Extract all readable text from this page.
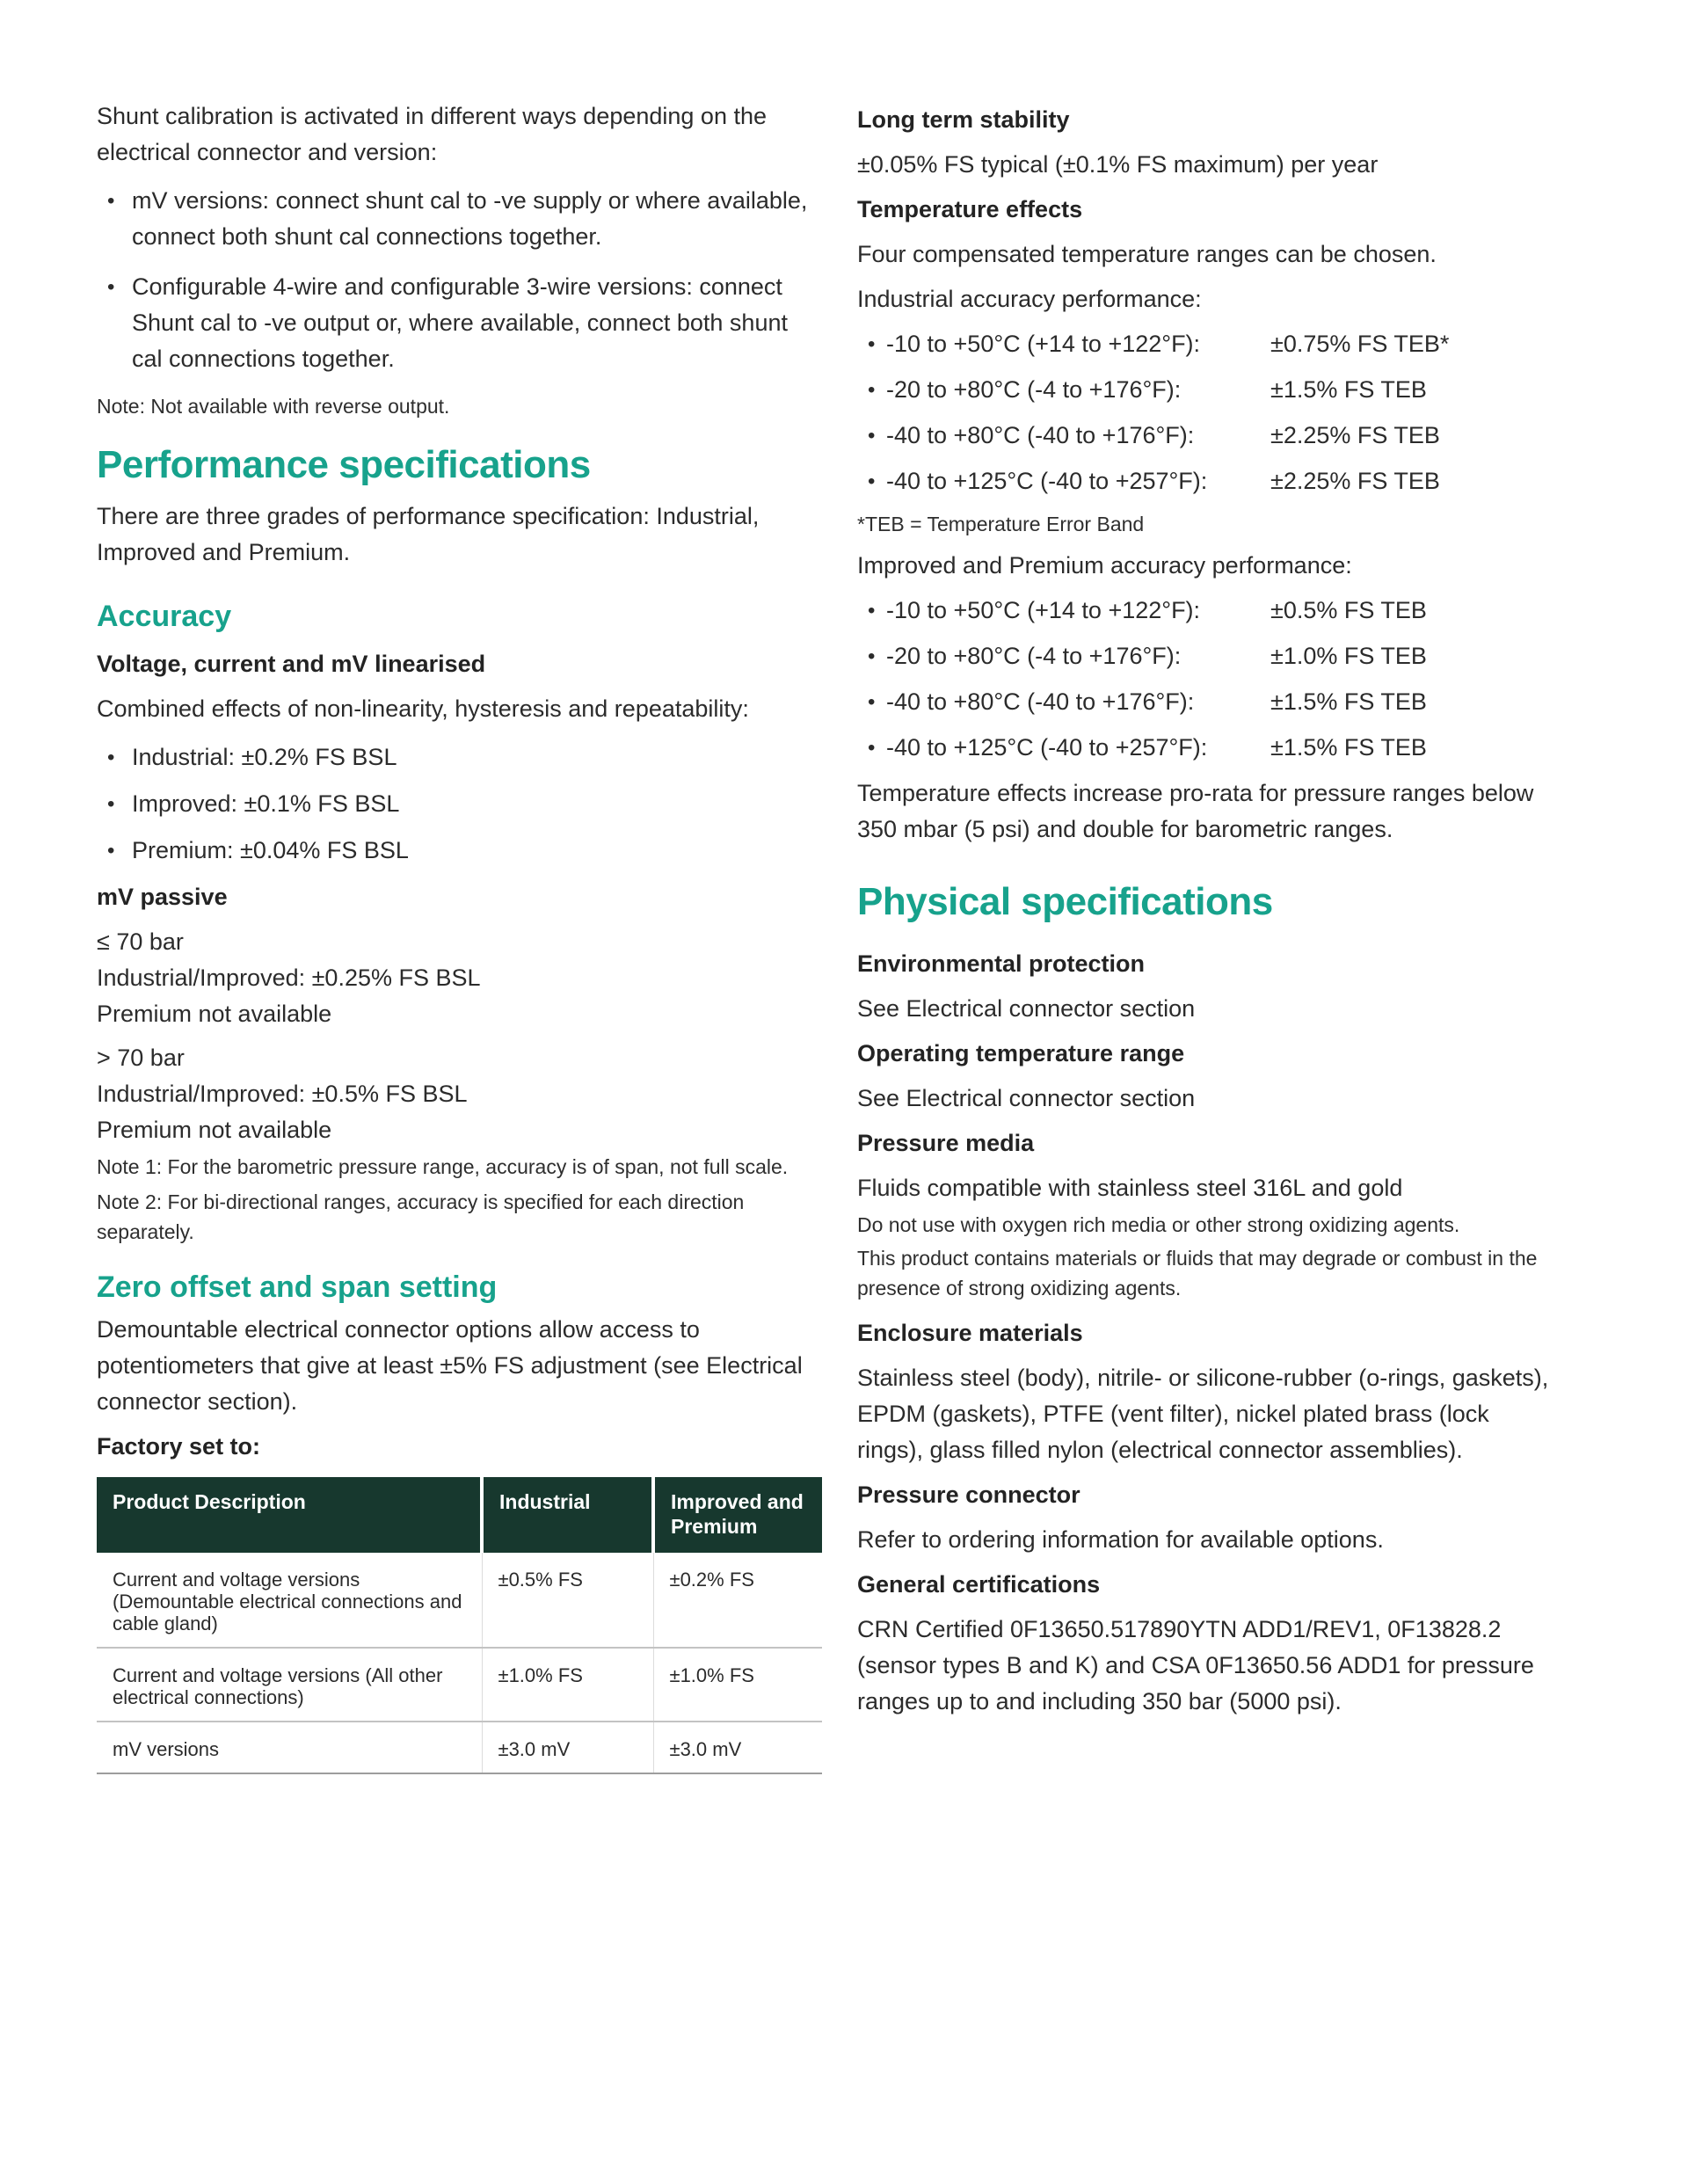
Shunt calibration is activated in different ways depending on the electrical connector and version:

• mV versions: connect shunt cal to -ve supply or where available, connect both shunt cal connections together.
• Configurable 4-wire and configurable 3-wire versions: connect Shunt cal to -ve output or, where available, connect both shunt cal connections together.

Note: Not available with reverse output.

Performance specifications

There are three grades of performance specification: Industrial, Improved and Premium.

Accuracy
Voltage, current and mV linearised

Combined effects of non-linearity, hysteresis and repeatability:

• Industrial: ±0.2% FS BSL
• Improved: ±0.1% FS BSL
• Premium: ±0.04% FS BSL
mV passive

≤ 70 bar
Industrial/Improved: ±0.25% FS BSL
Premium not available

> 70 bar
Industrial/Improved: ±0.5% FS BSL
Premium not available

Note 1: For the barometric pressure range, accuracy is of span, not full scale.

Note 2: For bi-directional ranges, accuracy is specified for each direction separately.

Zero offset and span setting

Demountable electrical connector options allow access to potentiometers that give at least ±5% FS adjustment (see Electrical connector section).

Factory set to:
Product Description	Industrial	Improved and Premium
Current and voltage versions (Demountable electrical connections and cable gland)	±0.5% FS	±0.2% FS
Current and voltage versions (All other electrical connections)	±1.0% FS	±1.0% FS
mV versions	±3.0 mV	±3.0 mV
Long term stability

±0.05% FS typical (±0.1% FS maximum) per year

Temperature effects

Four compensated temperature ranges can be chosen.

Industrial accuracy performance:

• -10 to +50°C (+14 to +122°F):	±0.75% FS TEB*
• -20 to +80°C (-4 to +176°F):	±1.5% FS TEB
• -40 to +80°C (-40 to +176°F):	±2.25% FS TEB
• -40 to +125°C (-40 to +257°F):	±2.25% FS TEB

*TEB = Temperature Error Band

Improved and Premium accuracy performance:

• -10 to +50°C (+14 to +122°F):	±0.5% FS TEB
• -20 to +80°C (-4 to +176°F):	±1.0% FS TEB
• -40 to +80°C (-40 to +176°F):	±1.5% FS TEB
• -40 to +125°C (-40 to +257°F):	±1.5% FS TEB

Temperature effects increase pro-rata for pressure ranges below 350 mbar (5 psi) and double for barometric ranges.

Physical specifications
Environmental protection

See Electrical connector section

Operating temperature range

See Electrical connector section

Pressure media

Fluids compatible with stainless steel 316L and gold

Do not use with oxygen rich media or other strong oxidizing agents.

This product contains materials or fluids that may degrade or combust in the presence of strong oxidizing agents.

Enclosure materials

Stainless steel (body), nitrile- or silicone-rubber (o-rings, gaskets), EPDM (gaskets), PTFE (vent filter), nickel plated brass (lock rings), glass filled nylon (electrical connector assemblies).

Pressure connector

Refer to ordering information for available options.

General certifications

CRN Certified 0F13650.517890YTN ADD1/REV1, 0F13828.2 (sensor types B and K) and CSA 0F13650.56 ADD1 for pressure ranges up to and including 350 bar (5000 psi).
